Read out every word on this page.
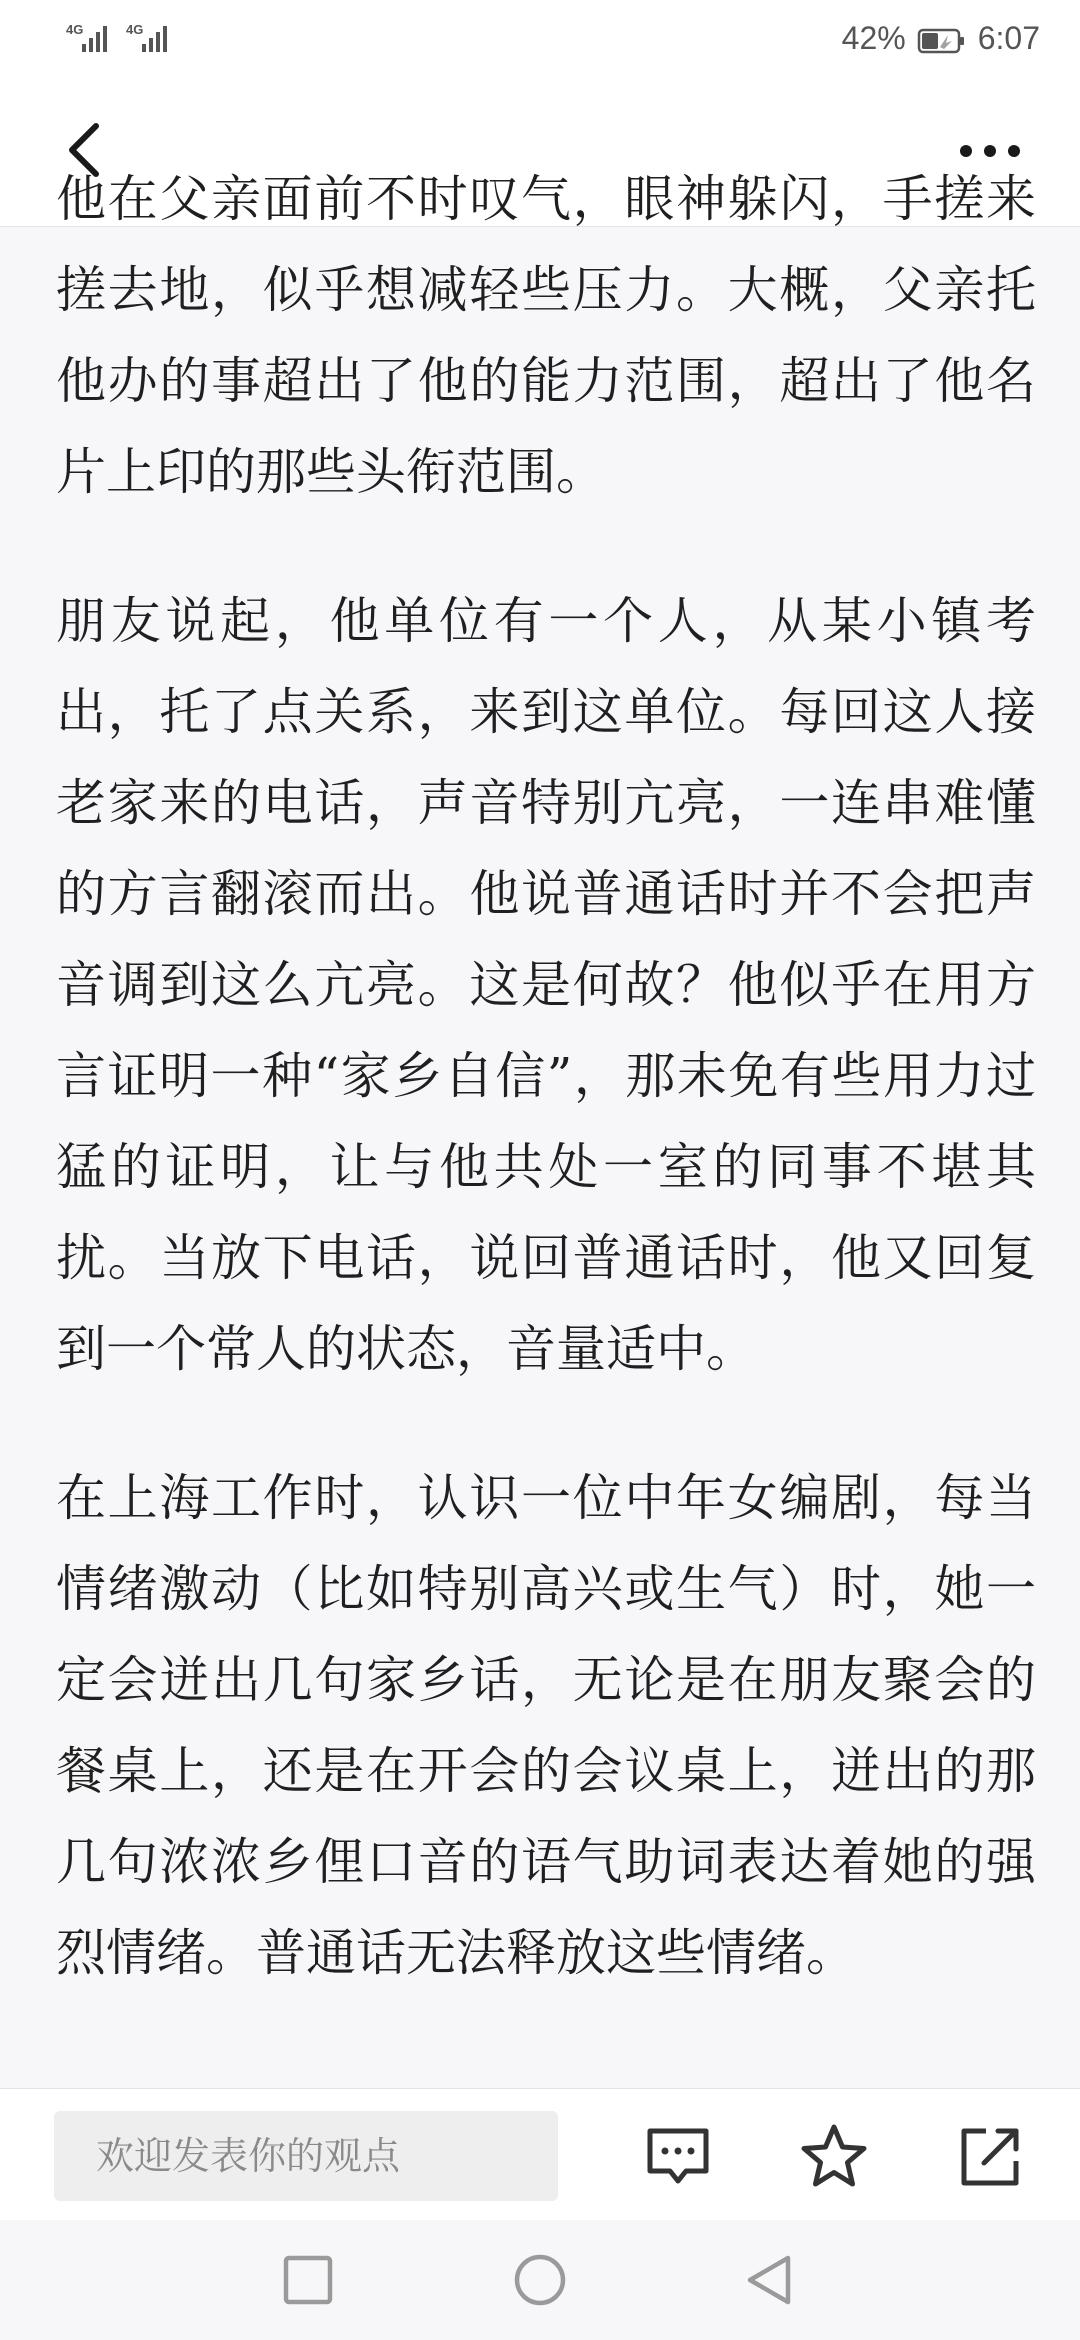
4G	4G	42% 6:07

他在父亲面前不时叹气，眼神躲闪，手搓来搓去地，似乎想减轻些压力。大概，父亲托他办的事超出了他的能力范围，超出了他名片上印的那些头衔范围。

朋友说起，他单位有一个人，从某小镇考出，托了点关系，来到这单位。每回这人接老家来的电话，声音特别亢亮，一连串难懂的方言翻滚而出。他说普通话时并不会把声音调到这么亢亮。这是何故？他似乎在用方言证明一种“家乡自信”，那未免有些用力过猛的证明，让与他共处一室的同事不堪其扰。当放下电话，说回普通话时，他又回复到一个常人的状态，音量适中。

在上海工作时，认识一位中年女编剧，每当情绪激动（比如特别高兴或生气）时，她一定会迸出几句家乡话，无论是在朋友聚会的餐桌上，还是在开会的会议桌上，迸出的那几句浓浓乡俚口音的语气助词表达着她的强烈情绪。普通话无法释放这些情绪。

欢迎发表你的观点
